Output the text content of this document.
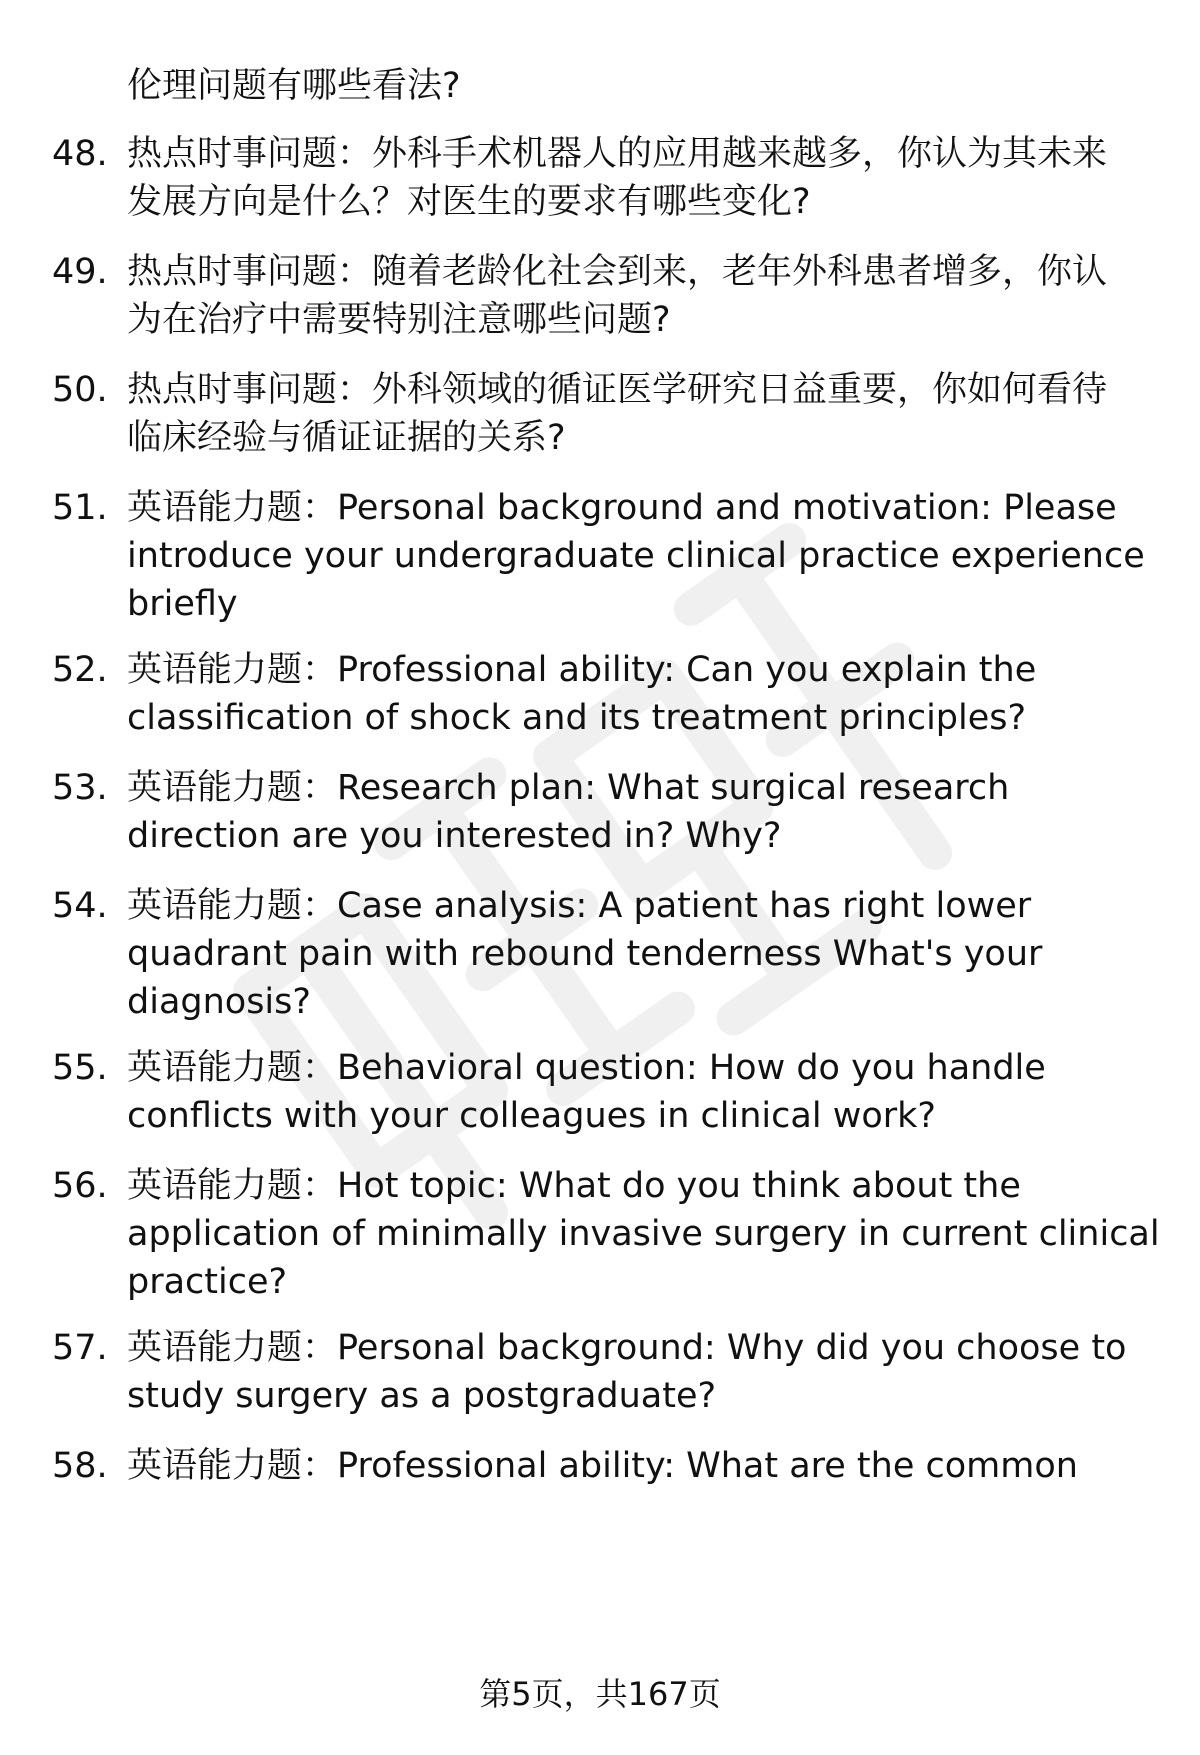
伦理问题有哪些看法?
48. 热点时事问题：外科手术机器人的应用越来越多，你认为其未来
发展方向是什么？对医生的要求有哪些变化?
49. 热点时事问题：随着老龄化社会到来，老年外科患者增多，你认
为在治疗中需要特别注意哪些问题?
50. 热点时事问题：外科领域的循证医学研究日益重要，你如何看待
临床经验与循证证据的关系?
51. 英语能力题：Personal background and motivation: Please
introduce your undergraduate clinical practice experience
briefly
52. 英语能力题：Professional ability: Can you explain the
classification of shock and its treatment principles?
53. 英语能力题：Research plan: What surgical research
direction are you interested in? Why?
54. 英语能力题：Case analysis: A patient has right lower
quadrant pain with rebound tenderness What's your
diagnosis?
55. 英语能力题：Behavioral question: How do you handle
conflicts with your colleagues in clinical work?
56. 英语能力题：Hot topic: What do you think about the
application of minimally invasive surgery in current clinical
practice?
57. 英语能力题：Personal background: Why did you choose to
study surgery as a postgraduate?
58. 英语能力题：Professional ability: What are the common
第5页，共167页
